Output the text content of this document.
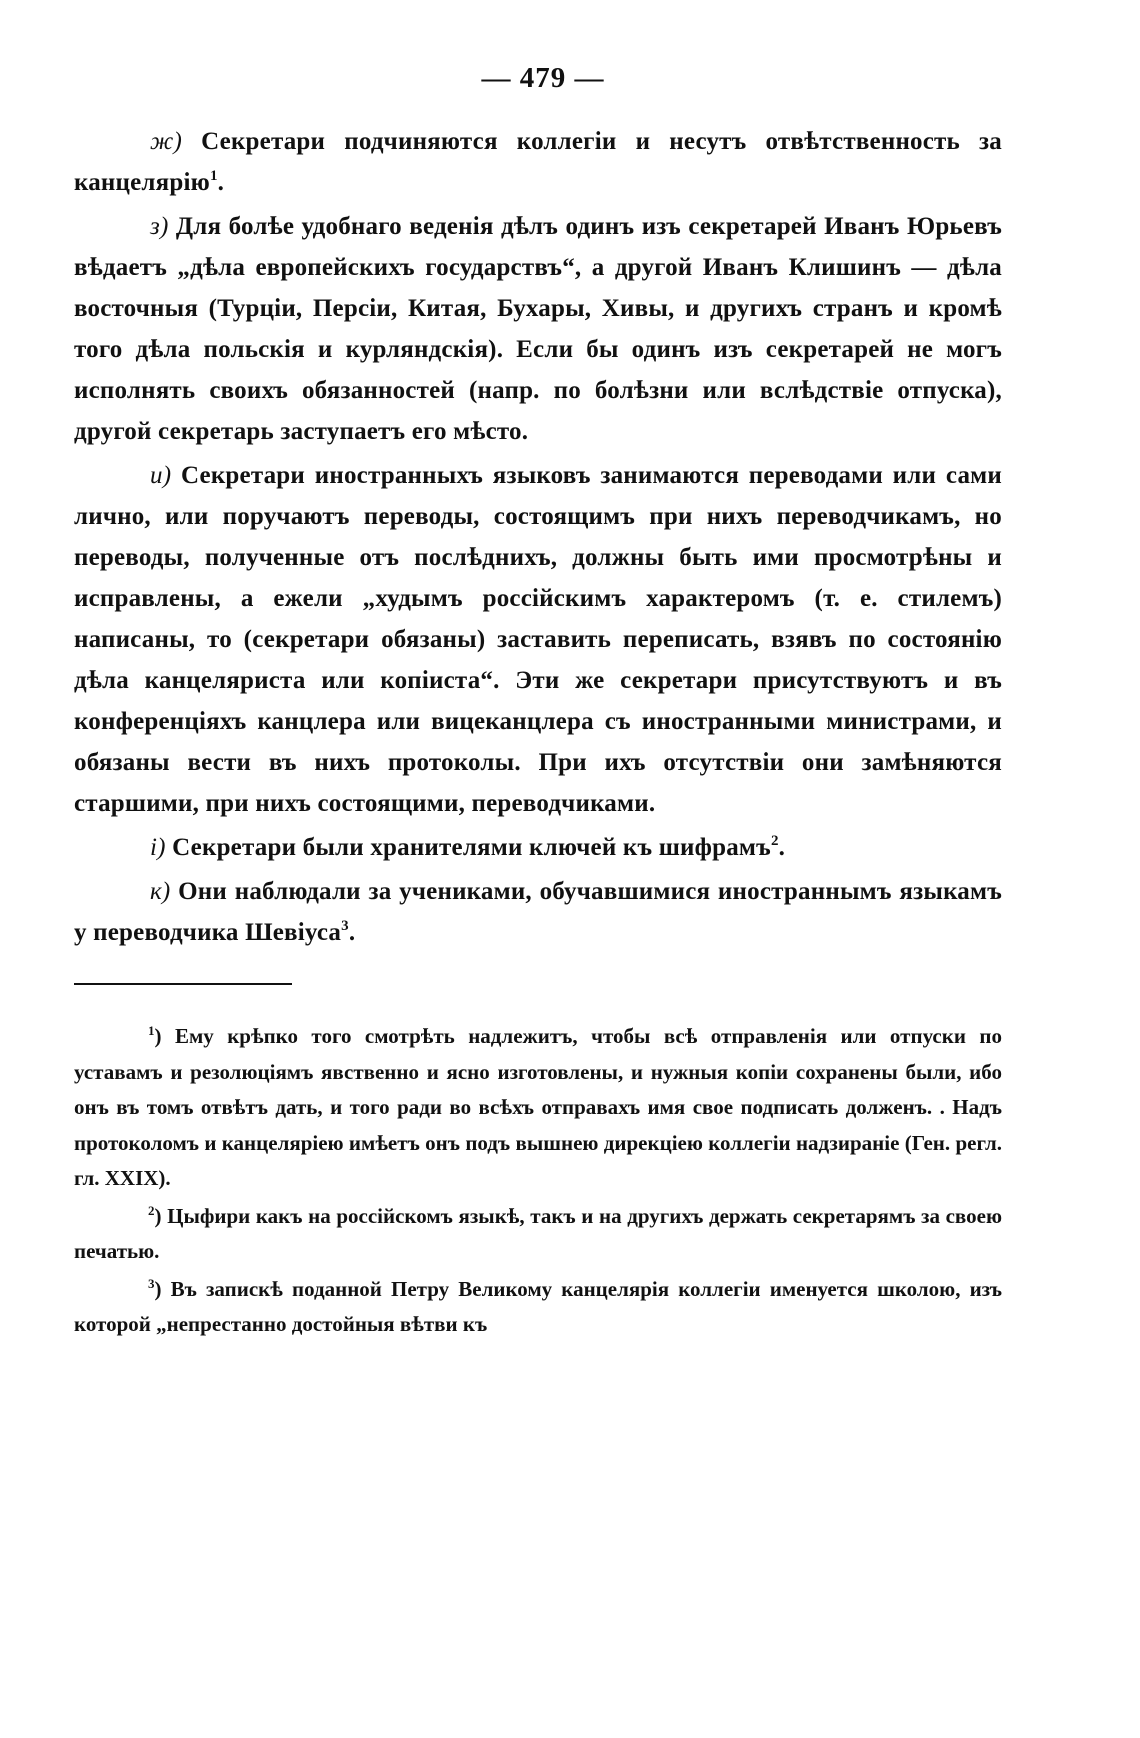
— 479 —

ж) Секретари подчиняются коллегіи и несутъ отвѣтственность за канцелярію$^1$.

з) Для болѣе удобнаго веденія дѣлъ одинъ изъ секретарей Иванъ Юрьевъ вѣдаетъ „дѣла европейскихъ государствъ“, а другой Иванъ Клишинъ — дѣла восточныя (Турціи, Персіи, Китая, Бухары, Хивы, и другихъ странъ и кромѣ того дѣла польскія и курляндскія). Если бы одинъ изъ секретарей не могъ исполнять своихъ обязанностей (напр. по болѣзни или вслѣдствіе отпуска), другой секретарь заступаетъ его мѣсто.

и) Секретари иностранныхъ языковъ занимаются переводами или сами лично, или поручаютъ переводы, состоящимъ при нихъ переводчикамъ, но переводы, полученные отъ послѣднихъ, должны быть ими просмотрѣны и исправлены, а ежели „худымъ россійскимъ характеромъ (т. е. стилемъ) написаны, то (секретари обязаны) заставить переписать, взявъ по состоянію дѣла канцеляриста или копіиста“. Эти же секретари присутствуютъ и въ конференціяхъ канцлера или вицеканцлера съ иностранными министрами, и обязаны вести въ нихъ протоколы. При ихъ отсутствіи они замѣняются старшими, при нихъ состоящими, переводчиками.

і) Секретари были хранителями ключей къ шифрамъ$^2$.

к) Они наблюдали за учениками, обучавшимися иностраннымъ языкамъ у переводчика Шевіуса$^3$.

$^1$) Ему крѣпко того смотрѣть надлежитъ, чтобы всѣ отправленія или отпуски по уставамъ и резолюціямъ явственно и ясно изготовлены, и нужныя копіи сохранены были, ибо онъ въ томъ отвѣтъ дать, и того ради во всѣхъ отправахъ имя свое подписать долженъ. . Надъ протоколомъ и канцеляріею имѣетъ онъ подъ вышнею дирекціею коллегіи надзираніе (Ген. регл. гл. XXIX).

$^2$) Цыфири какъ на россійскомъ языкѣ, такъ и на другихъ держать секретарямъ за своею печатью.

$^3$) Въ запискѣ поданной Петру Великому канцелярія коллегіи именуется школою, изъ которой „непрестанно достойныя вѣтви къ
